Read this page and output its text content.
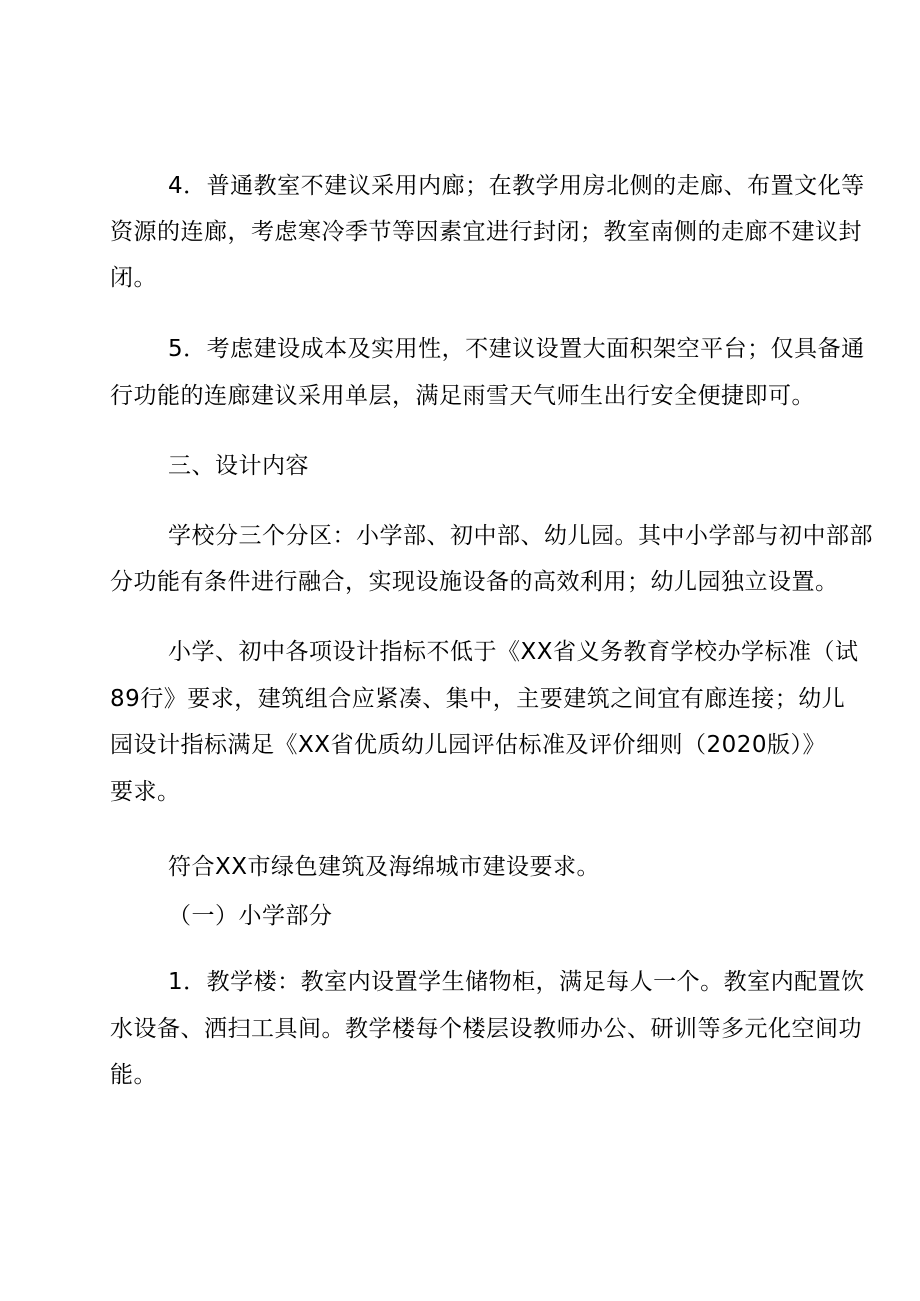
4．普通教室不建议采用内廊；在教学用房北侧的走廊、布置文化等
资源的连廊，考虑寒冷季节等因素宜进行封闭；教室南侧的走廊不建议封
闭。
5．考虑建设成本及实用性，不建议设置大面积架空平台；仅具备通
行功能的连廊建议采用单层，满足雨雪天气师生出行安全便捷即可。
三、设计内容
学校分三个分区：小学部、初中部、幼儿园。其中小学部与初中部部
分功能有条件进行融合，实现设施设备的高效利用；幼儿园独立设置。
小学、初中各项设计指标不低于《XX省义务教育学校办学标准（试
89行》要求，建筑组合应紧凑、集中，主要建筑之间宜有廊连接；幼儿
园设计指标满足《XX省优质幼儿园评估标准及评价细则（2020版）》
要求。
符合XX市绿色建筑及海绵城市建设要求。
（一）小学部分
1．教学楼：教室内设置学生储物柜，满足每人一个。教室内配置饮
水设备、洒扫工具间。教学楼每个楼层设教师办公、研训等多元化空间功
能。
